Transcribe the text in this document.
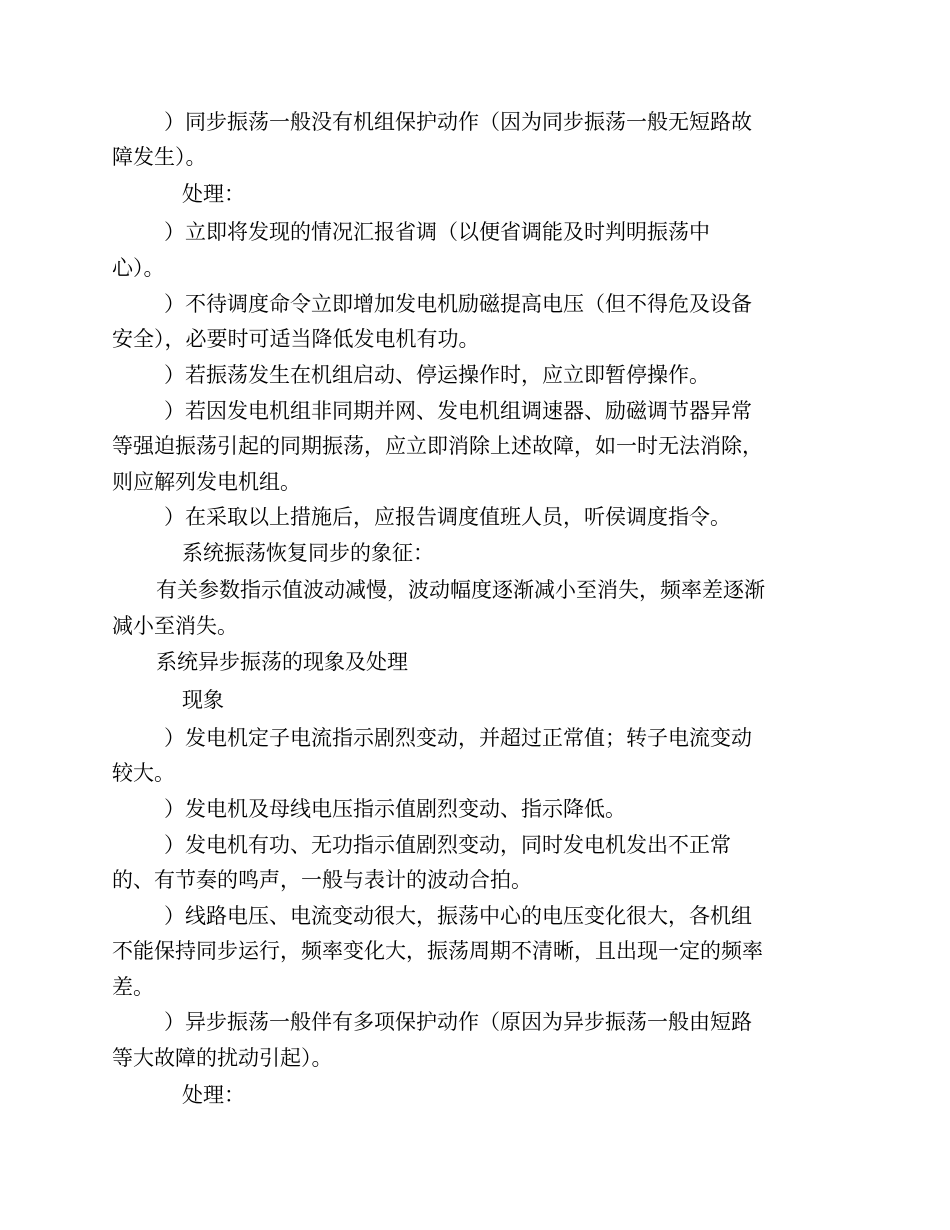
）同步振荡一般没有机组保护动作（因为同步振荡一般无短路故
障发生）。
处理：
）立即将发现的情况汇报省调（以便省调能及时判明振荡中
心）。
）不待调度命令立即增加发电机励磁提高电压（但不得危及设备
安全），必要时可适当降低发电机有功。
）若振荡发生在机组启动、停运操作时，应立即暂停操作。
）若因发电机组非同期并网、发电机组调速器、励磁调节器异常
等强迫振荡引起的同期振荡，应立即消除上述故障，如一时无法消除，
则应解列发电机组。
）在采取以上措施后，应报告调度值班人员，听侯调度指令。
系统振荡恢复同步的象征：
有关参数指示值波动减慢，波动幅度逐渐减小至消失，频率差逐渐
减小至消失。
系统异步振荡的现象及处理
现象
）发电机定子电流指示剧烈变动，并超过正常值；转子电流变动
较大。
）发电机及母线电压指示值剧烈变动、指示降低。
）发电机有功、无功指示值剧烈变动，同时发电机发出不正常
的、有节奏的鸣声，一般与表计的波动合拍。
）线路电压、电流变动很大，振荡中心的电压变化很大，各机组
不能保持同步运行，频率变化大，振荡周期不清晰，且出现一定的频率
差。
）异步振荡一般伴有多项保护动作（原因为异步振荡一般由短路
等大故障的扰动引起）。
处理：
